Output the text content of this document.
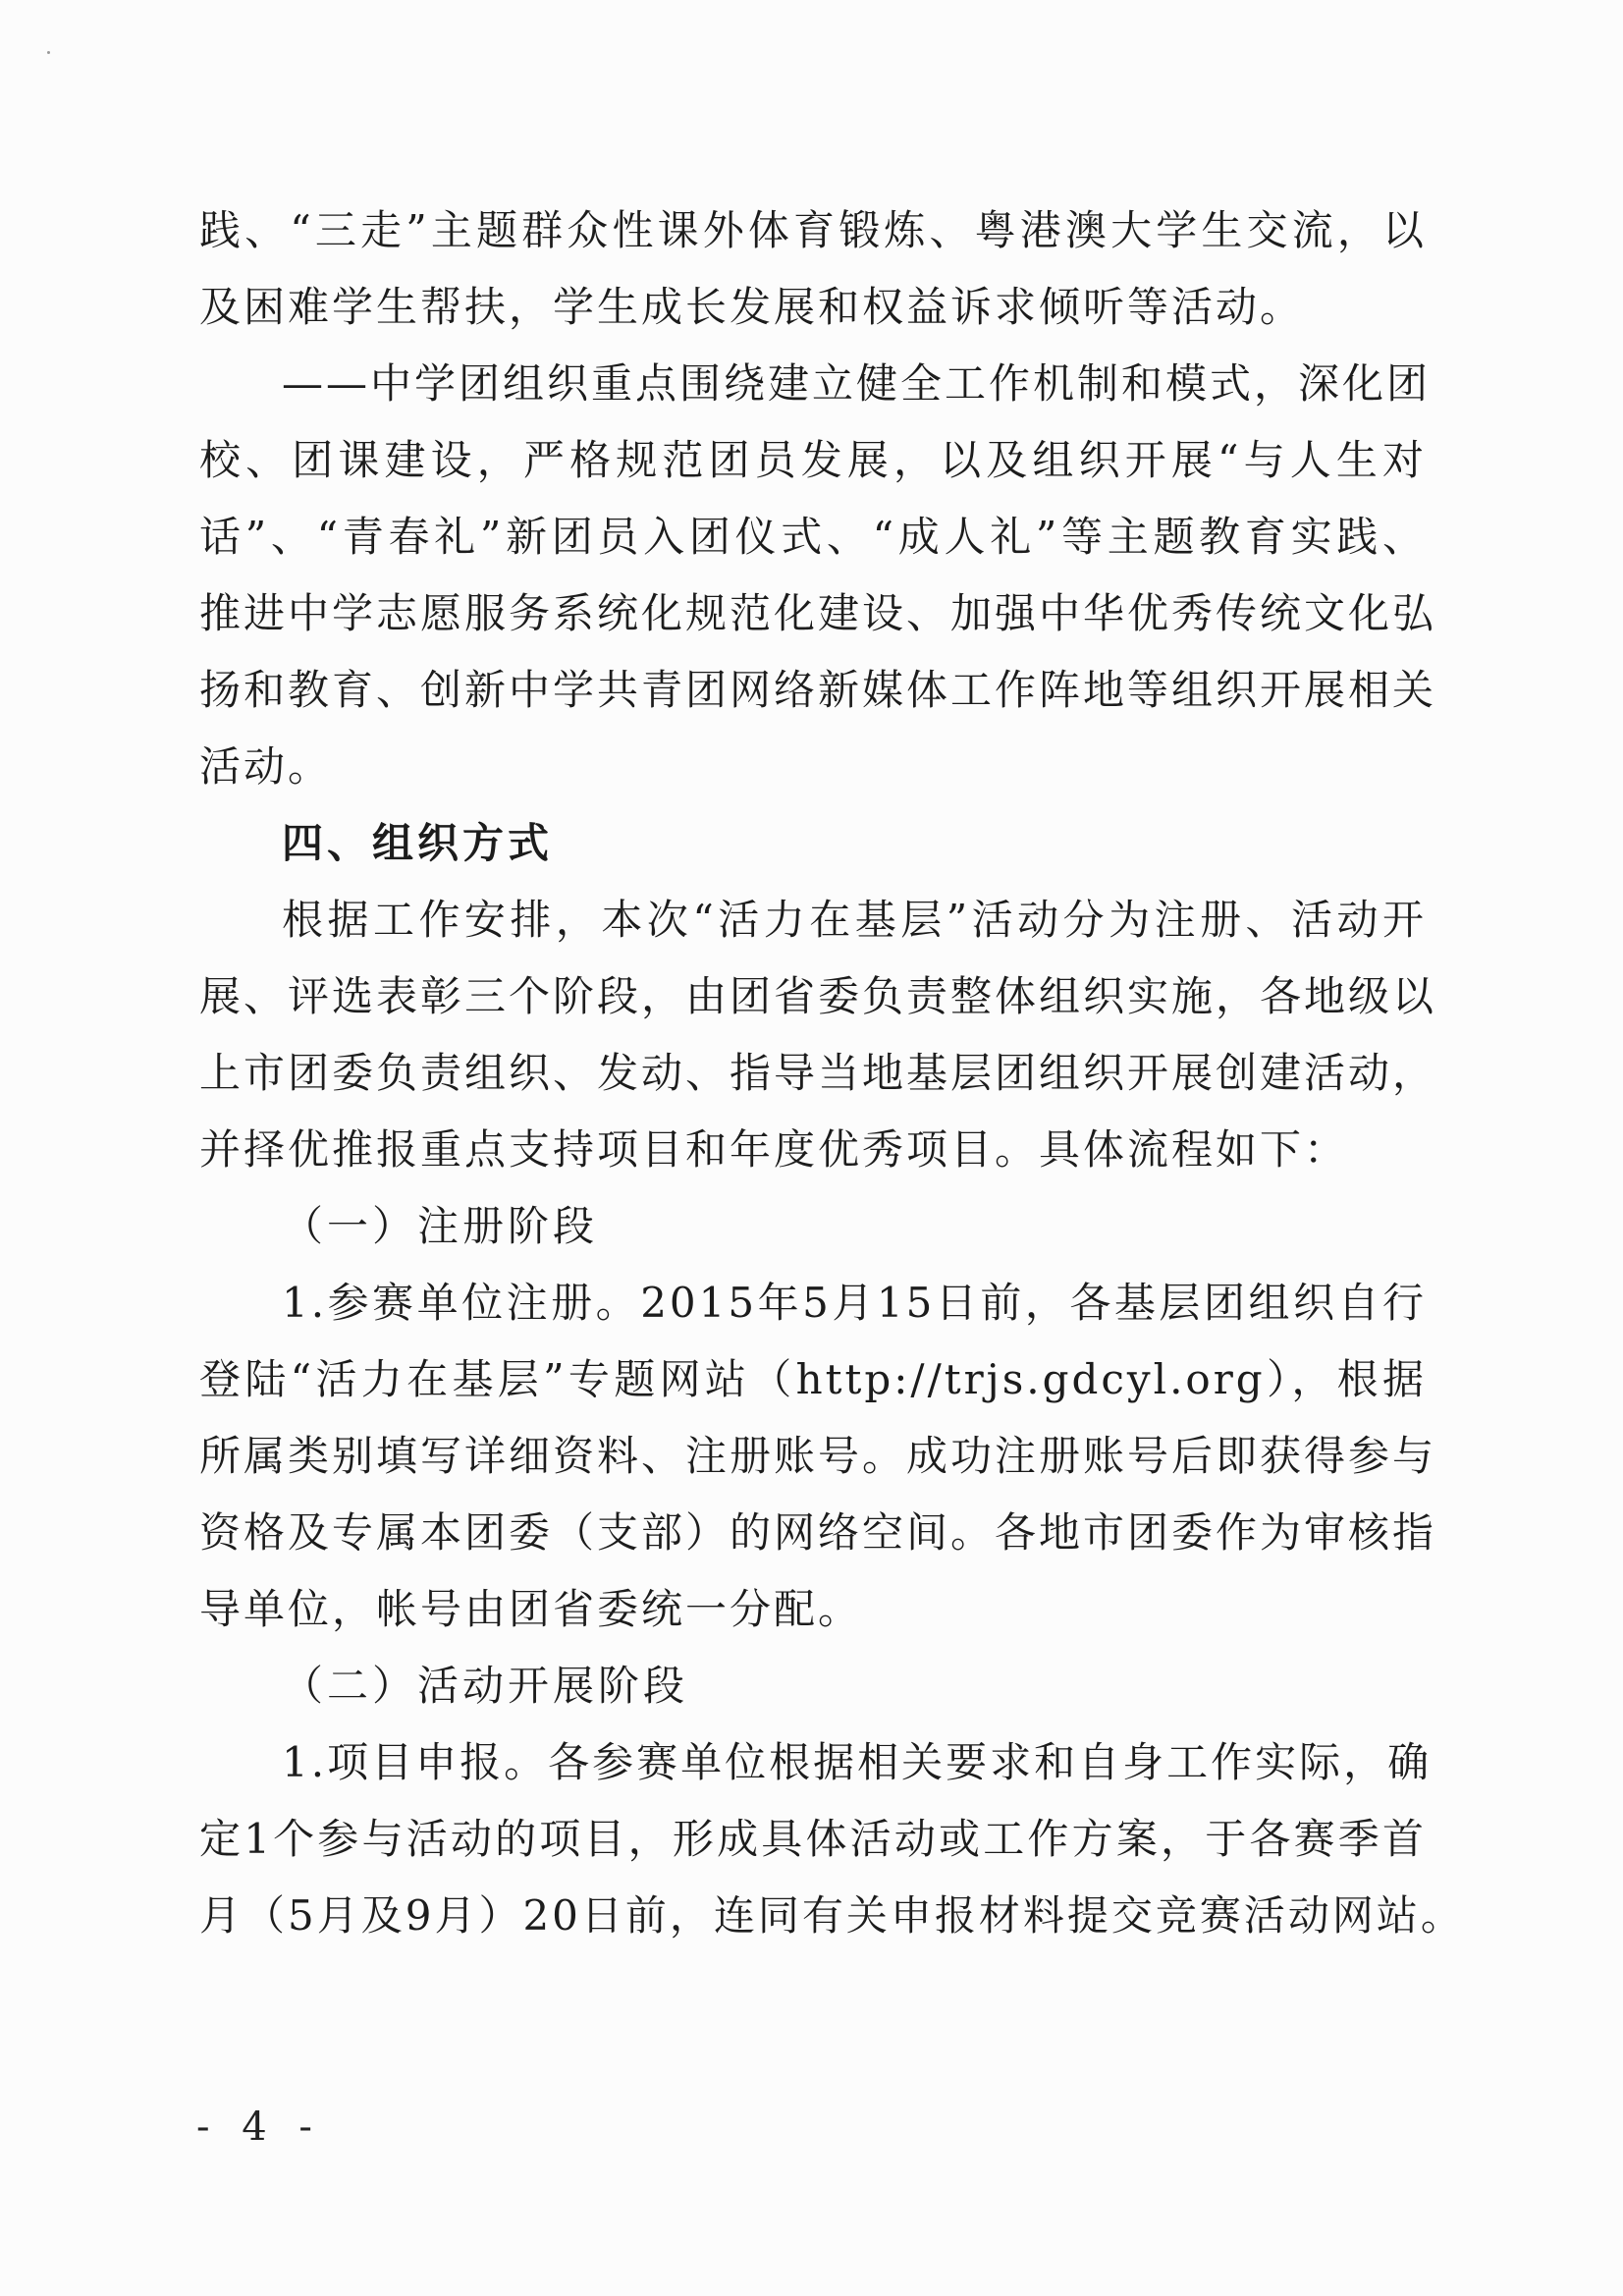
践、“三走”主题群众性课外体育锻炼、粤港澳大学生交流，以
及困难学生帮扶，学生成长发展和权益诉求倾听等活动。
——中学团组织重点围绕建立健全工作机制和模式，深化团
校、团课建设，严格规范团员发展，以及组织开展“与人生对
话”、“青春礼”新团员入团仪式、“成人礼”等主题教育实践、
推进中学志愿服务系统化规范化建设、加强中华优秀传统文化弘
扬和教育、创新中学共青团网络新媒体工作阵地等组织开展相关
活动。
四、组织方式
根据工作安排，本次“活力在基层”活动分为注册、活动开
展、评选表彰三个阶段，由团省委负责整体组织实施，各地级以
上市团委负责组织、发动、指导当地基层团组织开展创建活动，
并择优推报重点支持项目和年度优秀项目。具体流程如下：
（一）注册阶段
1.参赛单位注册。2015年5月15日前，各基层团组织自行
登陆“活力在基层”专题网站（http://trjs.gdcyl.org），根据
所属类别填写详细资料、注册账号。成功注册账号后即获得参与
资格及专属本团委（支部）的网络空间。各地市团委作为审核指
导单位，帐号由团省委统一分配。
（二）活动开展阶段
1.项目申报。各参赛单位根据相关要求和自身工作实际，确
定1个参与活动的项目，形成具体活动或工作方案，于各赛季首
月（5月及9月）20日前，连同有关申报材料提交竞赛活动网站。
- 4 -
